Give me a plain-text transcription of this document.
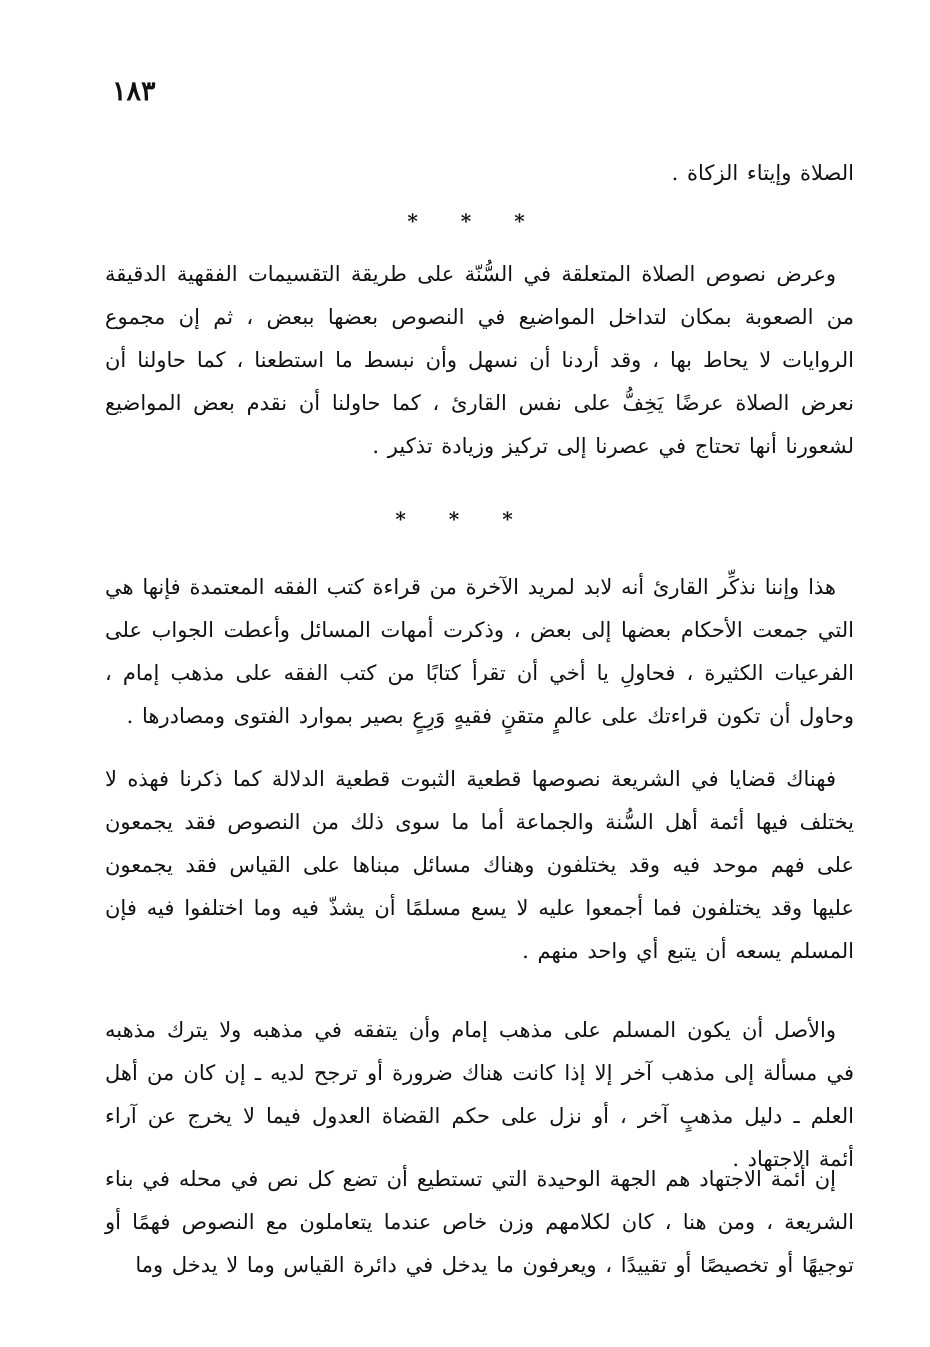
١٨٣
الصلاة وإيتاء الزكاة .
* * *
وعرض نصوص الصلاة المتعلقة في السُّنّة على طريقة التقسيمات الفقهية الدقيقة من الصعوبة بمكان لتداخل المواضيع في النصوص بعضها ببعض ، ثم إن مجموع الروايات لا يحاط بها ، وقد أردنا أن نسهل وأن نبسط ما استطعنا ، كما حاولنا أن نعرض الصلاة عرضًا يَخِفُّ على نفس القارئ ، كما حاولنا أن نقدم بعض المواضيع لشعورنا أنها تحتاج في عصرنا إلى تركيز وزيادة تذكير .
* * *
هذا وإننا نذكِّر القارئ أنه لابد لمريد الآخرة من قراءة كتب الفقه المعتمدة فإنها هي التي جمعت الأحكام بعضها إلى بعض ، وذكرت أمهات المسائل وأعطت الجواب على الفرعيات الكثيرة ، فحاولِ يا أخي أن تقرأ كتابًا من كتب الفقه على مذهب إمام ، وحاول أن تكون قراءتك على عالمٍ متقنٍ فقيهٍ وَرِعٍ بصير بموارد الفتوى ومصادرها .
فهناك قضايا في الشريعة نصوصها قطعية الثبوت قطعية الدلالة كما ذكرنا فهذه لا يختلف فيها أئمة أهل السُّنة والجماعة أما ما سوى ذلك من النصوص فقد يجمعون على فهم موحد فيه وقد يختلفون وهناك مسائل مبناها على القياس فقد يجمعون عليها وقد يختلفون فما أجمعوا عليه لا يسع مسلمًا أن يشذّ فيه وما اختلفوا فيه فإن المسلم يسعه أن يتبع أي واحد منهم .
والأصل أن يكون المسلم على مذهب إمام وأن يتفقه في مذهبه ولا يترك مذهبه في مسألة إلى مذهب آخر إلا إذا كانت هناك ضرورة أو ترجح لديه ـ إن كان من أهل العلم ـ دليل مذهبٍ آخر ، أو نزل على حكم القضاة العدول فيما لا يخرج عن آراء أئمة الاجتهاد .
إن أئمة الاجتهاد هم الجهة الوحيدة التي تستطيع أن تضع كل نص في محله في بناء الشريعة ، ومن هنا ، كان لكلامهم وزن خاص عندما يتعاملون مع النصوص فهمًا أو توجيهًا أو تخصيصًا أو تقييدًا ، ويعرفون ما يدخل في دائرة القياس وما لا يدخل وما
